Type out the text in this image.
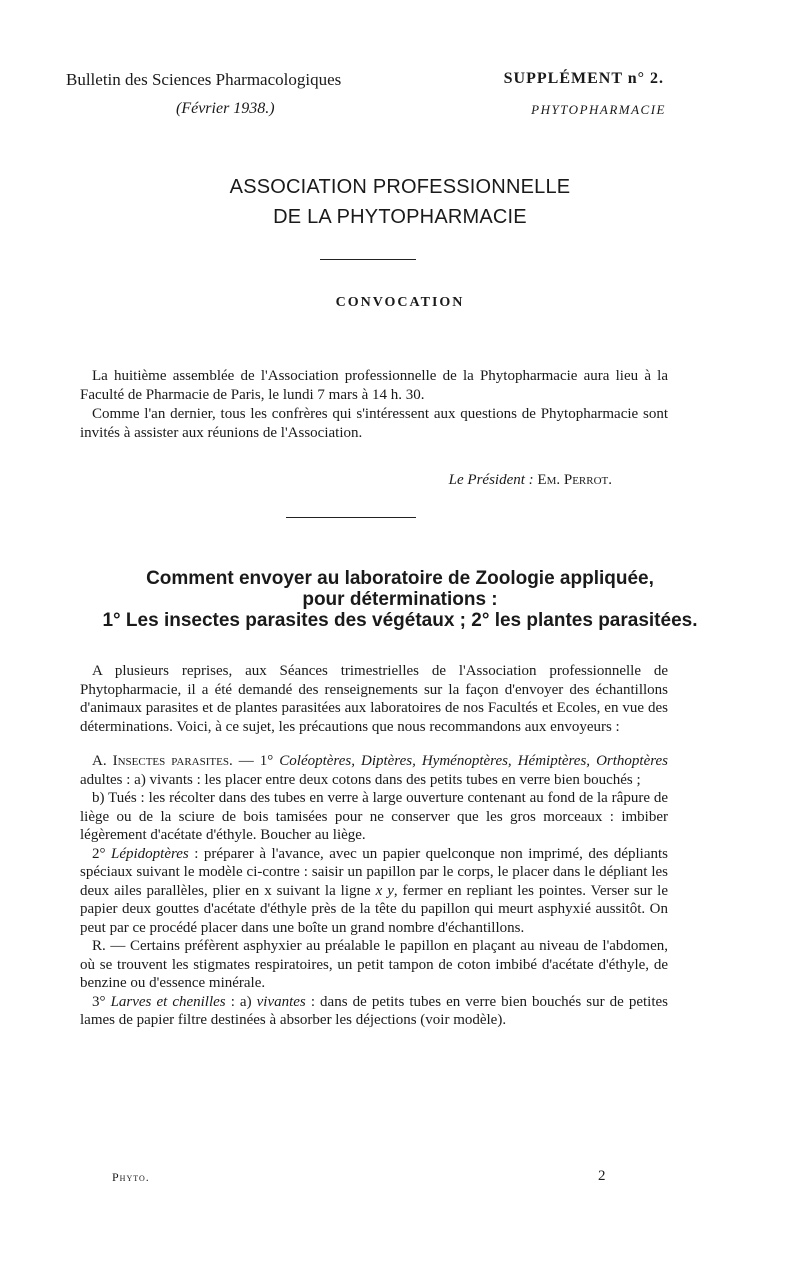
Bulletin des Sciences Pharmacologiques
(Février 1938.)
SUPPLÉMENT n° 2.
PHYTOPHARMACIE
ASSOCIATION PROFESSIONNELLE
DE LA PHYTOPHARMACIE
CONVOCATION

La huitième assemblée de l'Association professionnelle de la Phytopharmacie aura lieu à la Faculté de Pharmacie de Paris, le lundi 7 mars à 14 h. 30.

Comme l'an dernier, tous les confrères qui s'intéressent aux questions de Phytopharmacie sont invités à assister aux réunions de l'Association.

Le Président : Em. Perrot.
Comment envoyer au laboratoire de Zoologie appliquée,
pour déterminations :
1° Les insectes parasites des végétaux ; 2° les plantes parasitées.

A plusieurs reprises, aux Séances trimestrielles de l'Association professionnelle de Phytopharmacie, il a été demandé des renseignements sur la façon d'envoyer des échantillons d'animaux parasites et de plantes parasitées aux laboratoires de nos Facultés et Ecoles, en vue des déterminations. Voici, à ce sujet, les précautions que nous recommandons aux envoyeurs :

A. Insectes parasites. — 1° Coléoptères, Diptères, Hyménoptères, Hémiptères, Orthoptères adultes : a) vivants : les placer entre deux cotons dans des petits tubes en verre bien bouchés ;

b) Tués : les récolter dans des tubes en verre à large ouverture contenant au fond de la râpure de liège ou de la sciure de bois tamisées pour ne conserver que les gros morceaux : imbiber légèrement d'acétate d'éthyle. Boucher au liège.

2° Lépidoptères : préparer à l'avance, avec un papier quelconque non imprimé, des dépliants spéciaux suivant le modèle ci-contre : saisir un papillon par le corps, le placer dans le dépliant les deux ailes parallèles, plier en x suivant la ligne x y, fermer en repliant les pointes. Verser sur le papier deux gouttes d'acétate d'éthyle près de la tête du papillon qui meurt asphyxié aussitôt. On peut par ce procédé placer dans une boîte un grand nombre d'échantillons.

R. — Certains préfèrent asphyxier au préalable le papillon en plaçant au niveau de l'abdomen, où se trouvent les stigmates respiratoires, un petit tampon de coton imbibé d'acétate d'éthyle, de benzine ou d'essence minérale.

3° Larves et chenilles : a) vivantes : dans de petits tubes en verre bien bouchés sur de petites lames de papier filtre destinées à absorber les déjections (voir modèle).

Phyto.	2
